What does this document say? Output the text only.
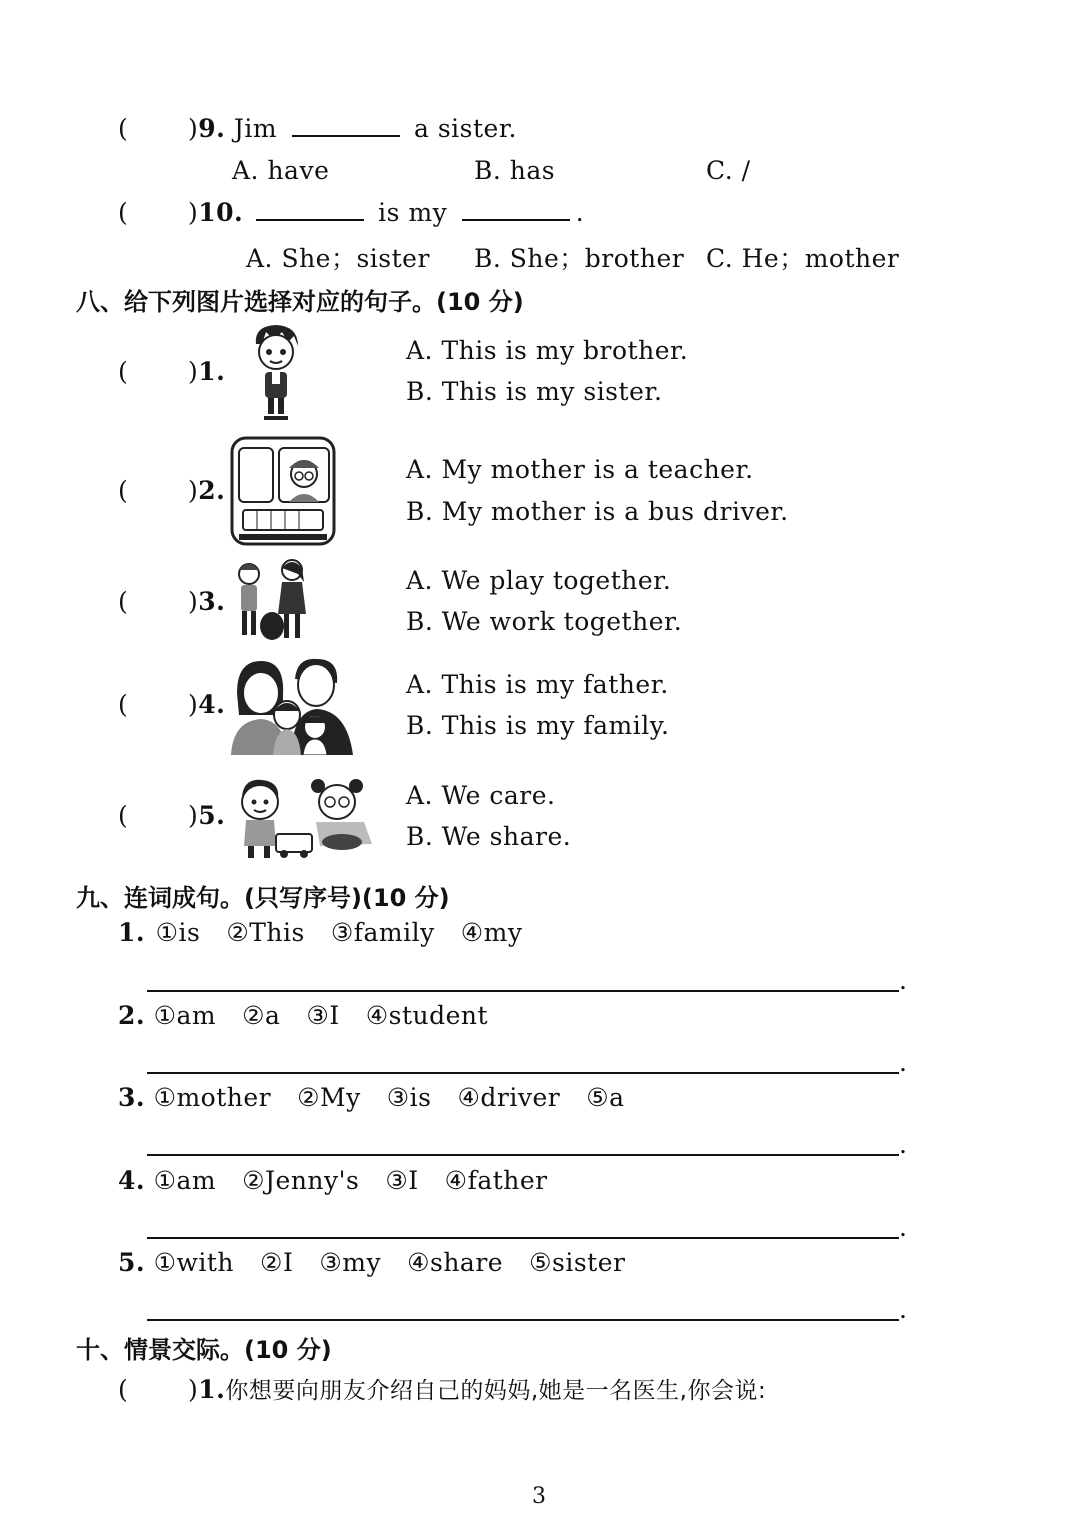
( )9. Jim	a sister.
A. have	B. has	C. /
( )10.	is my	.
A. She；sister B. She；brother C. He；mother
八、给下列图片选择对应的句子。(10 分)
( )1.
A. This is my brother.
B. This is my sister.
( )2.
A. My mother is a teacher.
B. My mother is a bus driver.
( )3.
A. We play together.
B. We work together.
( )4.
A. This is my father.
B. This is my family.
( )5.
A. We care.
B. We share.
九、连词成句。(只写序号)(10 分)
1. ①is ②This ③family ④my
.
2. ①am ②a ③I ④student
.
3. ①mother ②My ③is ④driver ⑤a
.
4. ①am ②Jenny's ③I ④father
.
5. ①with ②I ③my ④share ⑤sister
.
十、情景交际。(10 分)
( )1.你想要向朋友介绍自己的妈妈,她是一名医生,你会说:
3
